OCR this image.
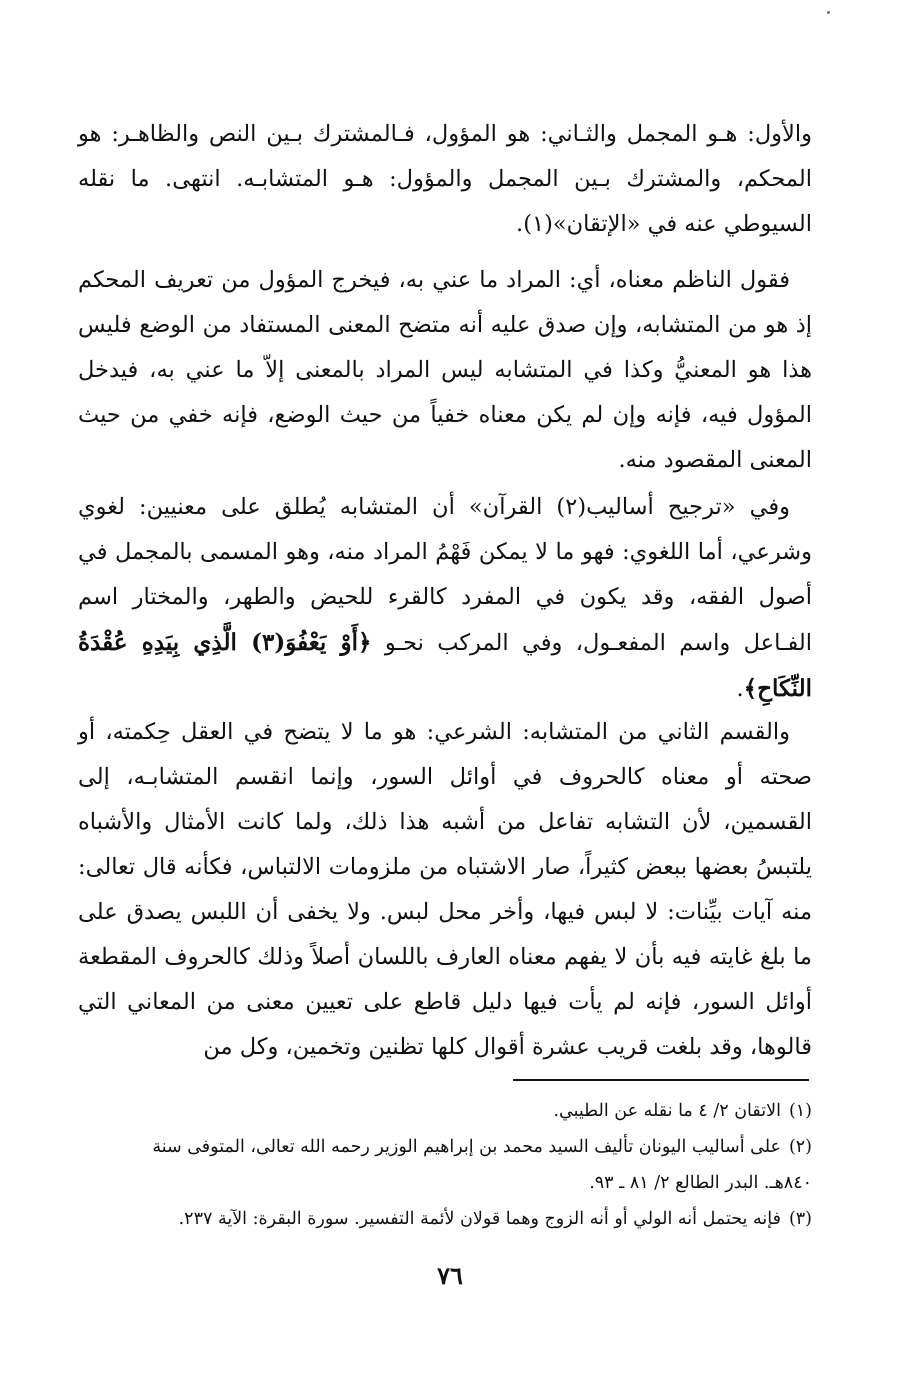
والأول: هـو المجمل والثـاني: هو المؤول، فـالمشترك بـين النص والظاهـر: هو المحكم، والمشترك بـين المجمل والمؤول: هـو المتشابـه. انتهى. ما نقله السيوطي عنه في «الإتقان»(١).

فقول الناظم معناه، أي: المراد ما عني به، فيخرج المؤول من تعريف المحكم إذ هو من المتشابه، وإن صدق عليه أنه متضح المعنى المستفاد من الوضع فليس هذا هو المعنيُّ وكذا في المتشابه ليس المراد بالمعنى إلاّ ما عني به، فيدخل المؤول فيه، فإنه وإن لم يكن معناه خفياً من حيث الوضع، فإنه خفي من حيث المعنى المقصود منه.

وفي «ترجيح أساليب(٢) القرآن» أن المتشابه يُطلق على معنيين: لغوي وشرعي، أما اللغوي: فهو ما لا يمكن فَهْمُ المراد منه، وهو المسمى بالمجمل في أصول الفقه، وقد يكون في المفرد كالقرء للحيض والطهر، والمختار اسم الفـاعل واسم المفعـول، وفي المركب نحـو ﴿أَوْ يَعْفُوَ(٣) الَّذِي بِيَدِهِ عُقْدَةُ النِّكَاحِ﴾.

والقسم الثاني من المتشابه: الشرعي: هو ما لا يتضح في العقل حِكمته، أو صحته أو معناه كالحروف في أوائل السور، وإنما انقسم المتشابـه، إلى القسمين، لأن التشابه تفاعل من أشبه هذا ذلك، ولما كانت الأمثال والأشباه يلتبسُ بعضها ببعض كثيراً، صار الاشتباه من ملزومات الالتباس، فكأنه قال تعالى: منه آيات بيِّنات: لا لبس فيها، وأخر محل لبس. ولا يخفى أن اللبس يصدق على ما بلغ غايته فيه بأن لا يفهم معناه العارف باللسان أصلاً وذلك كالحروف المقطعة أوائل السور، فإنه لم يأت فيها دليل قاطع على تعيين معنى من المعاني التي قالوها، وقد بلغت قريب عشرة أقوال كلها تظنين وتخمين، وكل من

(١)الاتقان ٢/ ٤ ما نقله عن الطيبي.

(٢)على أساليب اليونان تأليف السيد محمد بن إبراهيم الوزير رحمه الله تعالى، المتوفى سنة ٨٤٠هـ. البدر الطالع ٢/ ٨١ ـ ٩٣.

(٣)فإنه يحتمل أنه الولي أو أنه الزوج وهما قولان لأئمة التفسير. سورة البقرة: الآية ٢٣٧.

٧٦
